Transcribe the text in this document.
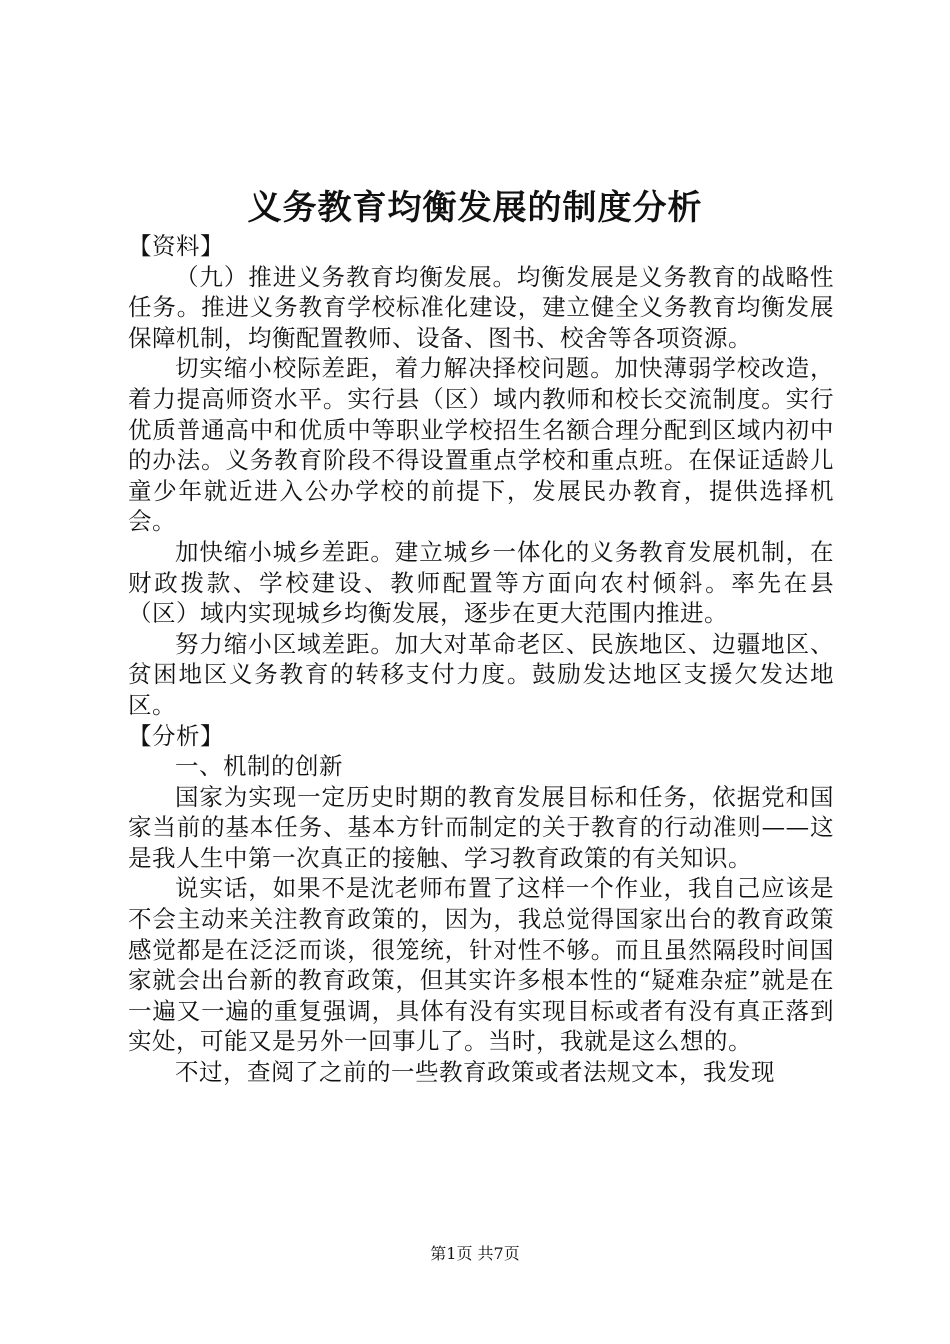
义务教育均衡发展的制度分析

【资料】

（九）推进义务教育均衡发展。均衡发展是义务教育的战略性任务。推进义务教育学校标准化建设，建立健全义务教育均衡发展保障机制，均衡配置教师、设备、图书、校舍等各项资源。

切实缩小校际差距，着力解决择校问题。加快薄弱学校改造，着力提高师资水平。实行县（区）域内教师和校长交流制度。实行优质普通高中和优质中等职业学校招生名额合理分配到区域内初中的办法。义务教育阶段不得设置重点学校和重点班。在保证适龄儿童少年就近进入公办学校的前提下，发展民办教育，提供选择机会。

加快缩小城乡差距。建立城乡一体化的义务教育发展机制，在财政拨款、学校建设、教师配置等方面向农村倾斜。率先在县（区）域内实现城乡均衡发展，逐步在更大范围内推进。

努力缩小区域差距。加大对革命老区、民族地区、边疆地区、贫困地区义务教育的转移支付力度。鼓励发达地区支援欠发达地区。

【分析】

一、机制的创新

国家为实现一定历史时期的教育发展目标和任务，依据党和国家当前的基本任务、基本方针而制定的关于教育的行动准则——这是我人生中第一次真正的接触、学习教育政策的有关知识。

说实话，如果不是沈老师布置了这样一个作业，我自己应该是不会主动来关注教育政策的，因为，我总觉得国家出台的教育政策感觉都是在泛泛而谈，很笼统，针对性不够。而且虽然隔段时间国家就会出台新的教育政策，但其实许多根本性的“疑难杂症”就是在一遍又一遍的重复强调，具体有没有实现目标或者有没有真正落到实处，可能又是另外一回事儿了。当时，我就是这么想的。

不过，查阅了之前的一些教育政策或者法规文本，我发现

第1页 共7页
